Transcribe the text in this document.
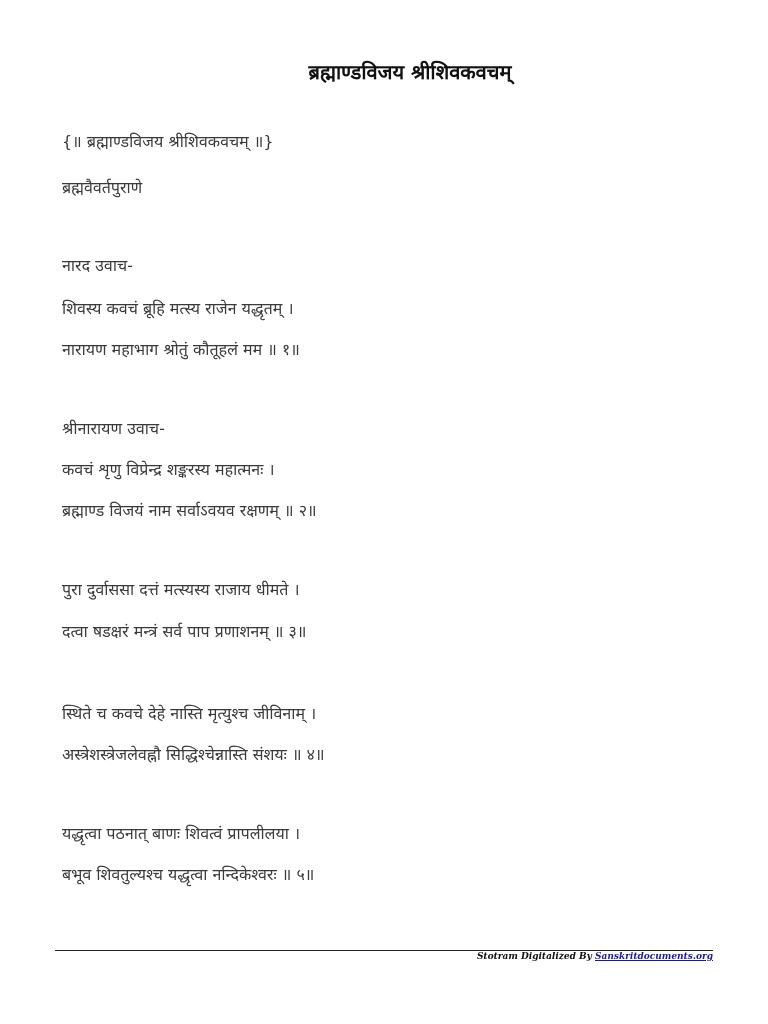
ब्रह्माण्डविजय श्रीशिवकवचम्
{॥ ब्रह्माण्डविजय श्रीशिवकवचम् ॥}
ब्रह्मवैवर्तपुराणे
नारद उवाच-
शिवस्य कवचं ब्रूहि मत्स्य राजेन यद्धृतम् ।
नारायण महाभाग श्रोतुं कौतूहलं मम ॥ १॥
श्रीनारायण उवाच-
कवचं शृणु विप्रेन्द्र शङ्करस्य महात्मनः ।
ब्रह्माण्ड विजयं नाम सर्वाऽवयव रक्षणम् ॥ २॥
पुरा दुर्वाससा दत्तं मत्स्यस्य राजाय धीमते ।
दत्वा षडक्षरं मन्त्रं सर्व पाप प्रणाशनम् ॥ ३॥
स्थिते च कवचे देहे नास्ति मृत्युश्च जीविनाम् ।
अस्त्रेशस्त्रेजलेवह्नौ सिद्धिश्चेन्नास्ति संशयः ॥ ४॥
यद्धृत्वा पठनात् बाणः शिवत्वं प्रापलीलया ।
बभूव शिवतुल्यश्च यद्धृत्वा नन्दिकेश्वरः ॥ ५॥
Stotram Digitalized By Sanskritdocuments.org
